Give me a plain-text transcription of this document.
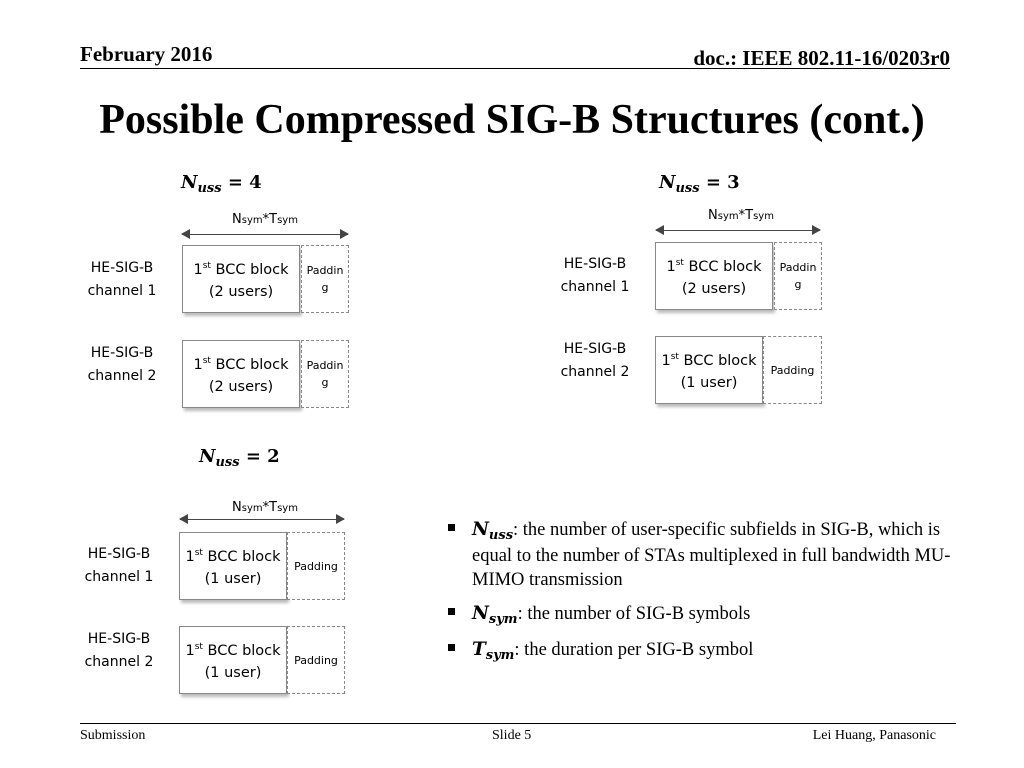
February 2016	doc.: IEEE 802.11-16/0203r0
Possible Compressed SIG-B Structures (cont.)
$N_{uss} = 4$
Nsym*Tsym
HE-SIG-B
channel 1
1st BCC block
(2 users)
Paddin
g
HE-SIG-B
channel 2
1st BCC block
(2 users)
Paddin
g
$N_{uss} = 3$
Nsym*Tsym
HE-SIG-B
channel 1
1st BCC block
(2 users)
Paddin
g
HE-SIG-B
channel 2
1st BCC block
(1 user)
Padding
$N_{uss} = 2$
Nsym*Tsym
HE-SIG-B
channel 1
1st BCC block
(1 user)
Padding
HE-SIG-B
channel 2
1st BCC block
(1 user)
Padding
$N_{uss}$: the number of user-specific subfields in SIG-B, which is equal to the number of STAs multiplexed in full bandwidth MU-MIMO transmission
$N_{sym}$: the number of SIG-B symbols
$T_{sym}$: the duration per SIG-B symbol
Submission	Slide 5	Lei Huang, Panasonic
